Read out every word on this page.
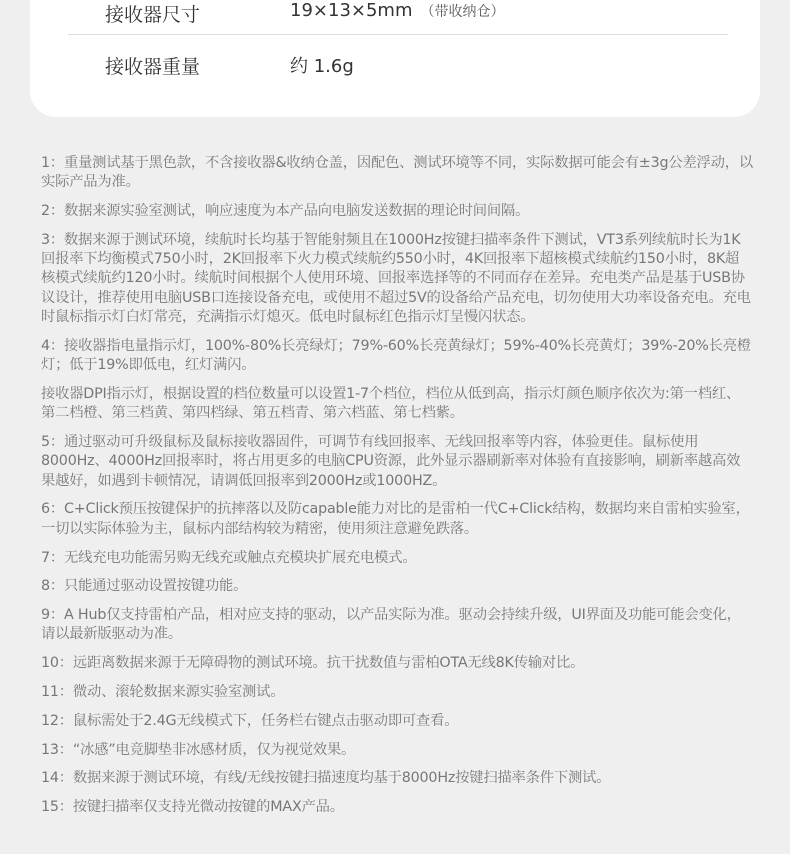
接收器尺寸	19×13×5mm （带收纳仓）
接收器重量	约 1.6g
1：重量测试基于黑色款，不含接收器&收纳仓盖，因配色、测试环境等不同，实际数据可能会有±3g公差浮动，以实际产品为准。
2：数据来源实验室测试，响应速度为本产品向电脑发送数据的理论时间间隔。
3：数据来源于测试环境，续航时长均基于智能射频且在1000Hz按键扫描率条件下测试，VT3系列续航时长为1K回报率下均衡模式750小时，2K回报率下火力模式续航约550小时，4K回报率下超核模式续航约150小时，8K超核模式续航约120小时。续航时间根据个人使用环境、回报率选择等的不同而存在差异。充电类产品是基于USB协议设计，推荐使用电脑USB口连接设备充电，或使用不超过5V的设备给产品充电，切勿使用大功率设备充电。充电时鼠标指示灯白灯常亮，充满指示灯熄灭。低电时鼠标红色指示灯呈慢闪状态。
4：接收器指电量指示灯，100%-80%长亮绿灯；79%-60%长亮黄绿灯；59%-40%长亮黄灯；39%-20%长亮橙灯；低于19%即低电，红灯满闪。
接收器DPI指示灯，根据设置的档位数量可以设置1-7个档位，档位从低到高，指示灯颜色顺序依次为:第一档红、第二档橙、第三档黄、第四档绿、第五档青、第六档蓝、第七档紫。
5：通过驱动可升级鼠标及鼠标接收器固件，可调节有线回报率、无线回报率等内容，体验更佳。鼠标使用8000Hz、4000Hz回报率时，将占用更多的电脑CPU资源，此外显示器刷新率对体验有直接影响，刷新率越高效果越好，如遇到卡顿情况，请调低回报率到2000Hz或1000HZ。
6：C+Click预压按键保护的抗摔落以及防capable能力对比的是雷柏一代C+Click结构，数据均来自雷柏实验室，一切以实际体验为主，鼠标内部结构较为精密，使用须注意避免跌落。
7：无线充电功能需另购无线充或触点充模块扩展充电模式。
8：只能通过驱动设置按键功能。
9：A Hub仅支持雷柏产品，相对应支持的驱动，以产品实际为准。驱动会持续升级，UI界面及功能可能会变化，请以最新版驱动为准。
10：远距离数据来源于无障碍物的测试环境。抗干扰数值与雷柏OTA无线8K传输对比。
11：微动、滚轮数据来源实验室测试。
12：鼠标需处于2.4G无线模式下，任务栏右键点击驱动即可查看。
13：“冰感”电竞脚垫非冰感材质，仅为视觉效果。
14：数据来源于测试环境，有线/无线按键扫描速度均基于8000Hz按键扫描率条件下测试。
15：按键扫描率仅支持光微动按键的MAX产品。
